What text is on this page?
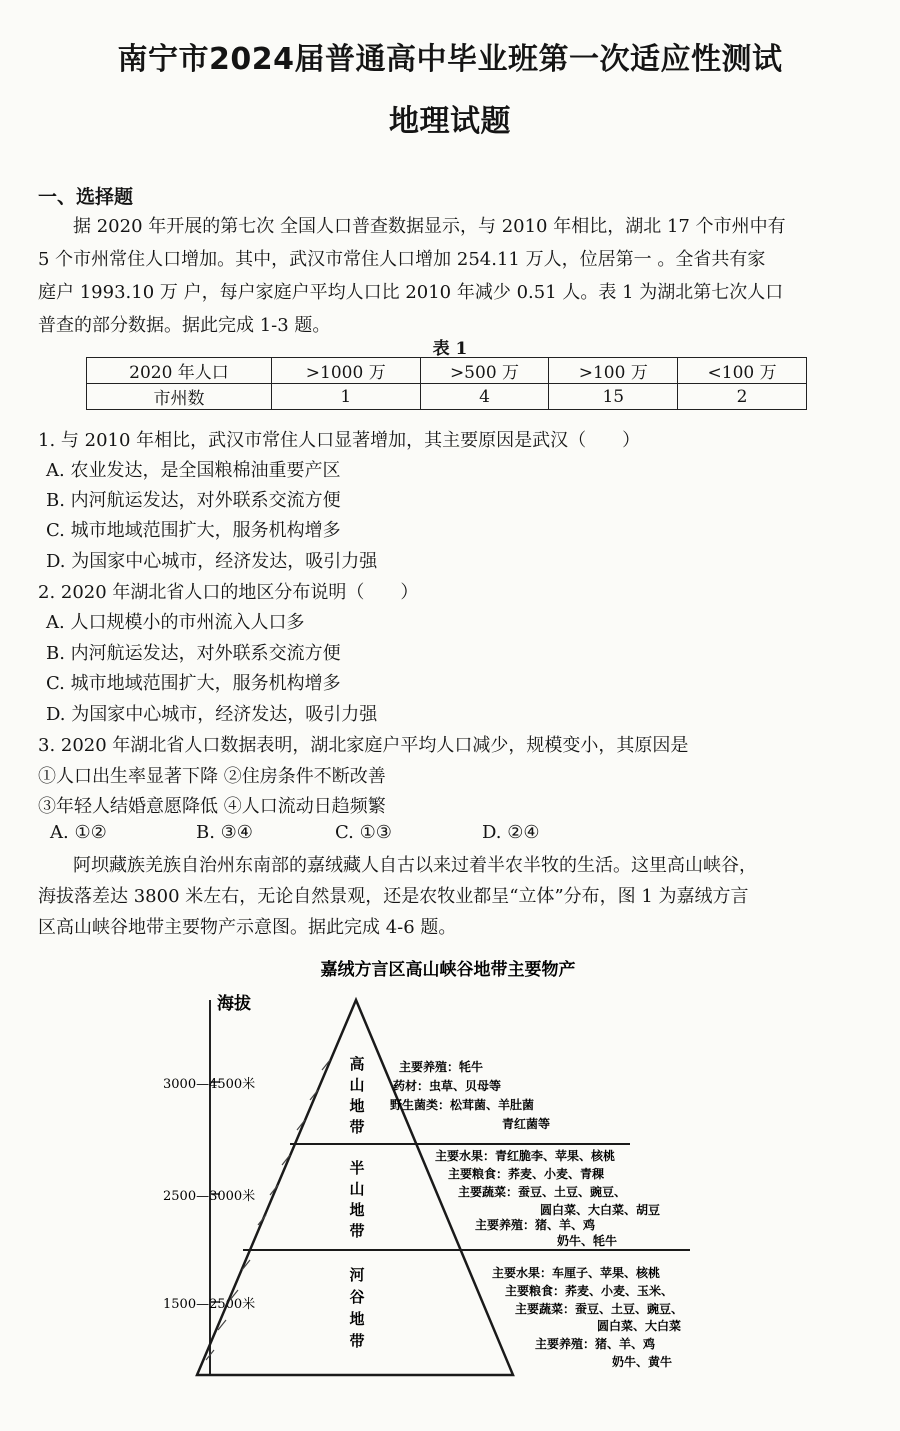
南宁市2024届普通高中毕业班第一次适应性测试
地理试题
一、选择题
据 2020 年开展的第七次 全国人口普查数据显示，与 2010 年相比，湖北 17 个市州中有
5 个市州常住人口增加。其中，武汉市常住人口增加 254.11 万人，位居第一 。全省共有家
庭户 1993.10 万 户，每户家庭户平均人口比 2010 年减少 0.51 人。表 1 为湖北第七次人口
普查的部分数据。据此完成 1-3 题。
表 1
2020 年人口	>1000 万	>500 万	>100 万	<100 万
市州数	1	4	15	2
1. 与 2010 年相比，武汉市常住人口显著增加，其主要原因是武汉（　　）
A. 农业发达，是全国粮棉油重要产区
B. 内河航运发达，对外联系交流方便
C. 城市地域范围扩大，服务机构增多
D. 为国家中心城市，经济发达，吸引力强
2. 2020 年湖北省人口的地区分布说明（　　）
A. 人口规模小的市州流入人口多
B. 内河航运发达，对外联系交流方便
C. 城市地域范围扩大，服务机构增多
D. 为国家中心城市，经济发达，吸引力强
3. 2020 年湖北省人口数据表明，湖北家庭户平均人口减少，规模变小，其原因是
①人口出生率显著下降 ②住房条件不断改善
③年轻人结婚意愿降低 ④人口流动日趋频繁
A. ①②	B. ③④	C. ①③	D. ②④
阿坝藏族羌族自治州东南部的嘉绒藏人自古以来过着半农半牧的生活。这里高山峡谷，
海拔落差达 3800 米左右，无论自然景观，还是农牧业都呈“立体”分布，图 1 为嘉绒方言
区高山峡谷地带主要物产示意图。据此完成 4-6 题。
嘉绒方言区高山峡谷地带主要物产
海拔
3000—4500米
2500—3000米
1500—2500米
高
山
地
带
半
山
地
带
河
谷
地
带
主要养殖：牦牛
药材：虫草、贝母等
野生菌类：松茸菌、羊肚菌
青红菌等
主要水果：青红脆李、苹果、核桃
主要粮食：荞麦、小麦、青稞
主要蔬菜：蚕豆、土豆、豌豆、
圆白菜、大白菜、胡豆
主要养殖：猪、羊、鸡
奶牛、牦牛
主要水果：车厘子、苹果、核桃
主要粮食：荞麦、小麦、玉米、
主要蔬菜：蚕豆、土豆、豌豆、
圆白菜、大白菜
主要养殖：猪、羊、鸡
奶牛、黄牛
